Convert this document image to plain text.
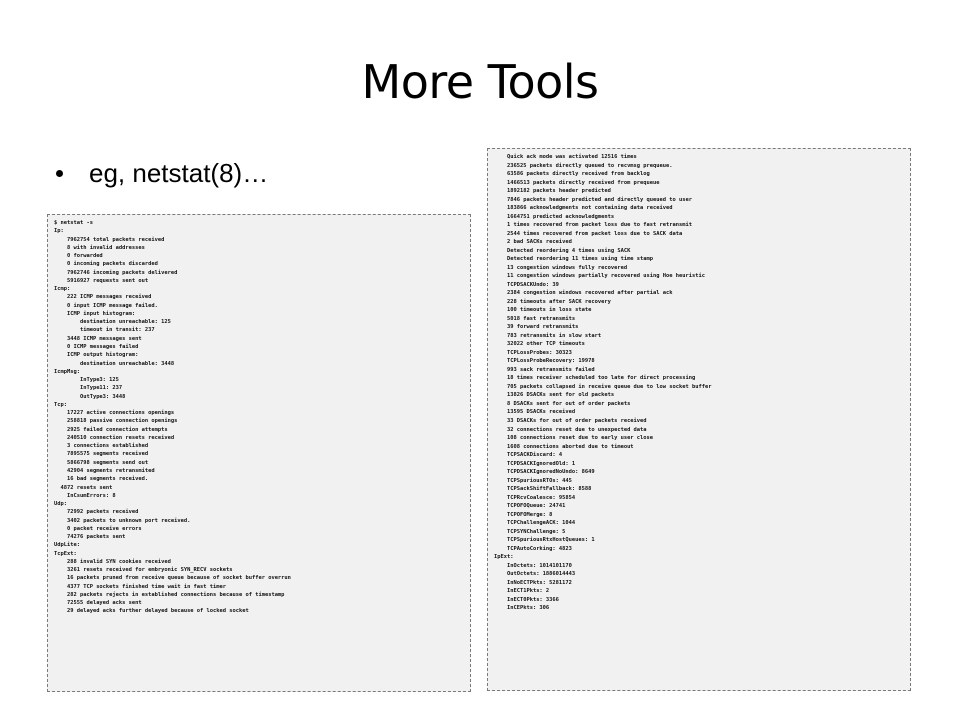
More Tools
eg, netstat(8)…
$ netstat -s
Ip:
7962754 total packets received
8 with invalid addresses
0 forwarded
0 incoming packets discarded
7962746 incoming packets delivered
5916927 requests sent out
Icmp:
222 ICMP messages received
0 input ICMP message failed.
ICMP input histogram:
destination unreachable: 125
timeout in transit: 237
3448 ICMP messages sent
0 ICMP messages failed
ICMP output histogram:
destination unreachable: 3448
IcmpMsg:
InType3: 125
InType11: 237
OutType3: 3448
Tcp:
17227 active connections openings
258818 passive connection openings
2925 failed connection attempts
240510 connection resets received
3 connections established
7895575 segments received
5866798 segments send out
42904 segments retransmited
16 bad segments received.
4872 resets sent
InCsumErrors: 8
Udp:
72992 packets received
3402 packets to unknown port received.
0 packet receive errors
74276 packets sent
UdpLite:
TcpExt:
288 invalid SYN cookies received
3261 resets received for embryonic SYN_RECV sockets
16 packets pruned from receive queue because of socket buffer overrun
4377 TCP sockets finished time wait in fast timer
282 packets rejects in established connections because of timestamp
72555 delayed acks sent
29 delayed acks further delayed because of locked socket
Quick ack mode was activated 12516 times
236525 packets directly queued to recvmsg prequeue.
63586 packets directly received from backlog
1466513 packets directly received from prequeue
1892182 packets header predicted
7846 packets header predicted and directly queued to user
183866 acknowledgments not containing data received
1664751 predicted acknowledgments
1 times recovered from packet loss due to fast retransmit
2544 times recovered from packet loss due to SACK data
2 bad SACKs received
Detected reordering 4 times using SACK
Detected reordering 11 times using time stamp
13 congestion windows fully recovered
11 congestion windows partially recovered using Hoe heuristic
TCPDSACKUndo: 39
2384 congestion windows recovered after partial ack
228 timeouts after SACK recovery
100 timeouts in loss state
5018 fast retransmits
39 forward retransmits
783 retransmits in slow start
32022 other TCP timeouts
TCPLossProbes: 30323
TCPLossProbeRecovery: 19978
993 sack retransmits failed
18 times receiver scheduled too late for direct processing
705 packets collapsed in receive queue due to low socket buffer
13826 DSACKs sent for old packets
8 DSACKs sent for out of order packets
13595 DSACKs received
33 DSACKs for out of order packets received
32 connections reset due to unexpected data
108 connections reset due to early user close
1608 connections aborted due to timeout
TCPSACKDiscard: 4
TCPDSACKIgnoredOld: 1
TCPDSACKIgnoredNoUndo: 8649
TCPSpuriousRTOs: 445
TCPSackShiftFallback: 8588
TCPRcvCoalesce: 95854
TCPOFOQueue: 24741
TCPOFOMerge: 8
TCPChallengeACK: 1044
TCPSYNChallenge: 5
TCPSpuriousRtxHostQueues: 1
TCPAutoCorking: 4823
IpExt:
InOctets: 1014101170
OutOctets: 1886014443
InNoECTPkts: 5281172
InECT1Pkts: 2
InECT0Pkts: 3366
InCEPkts: 306
